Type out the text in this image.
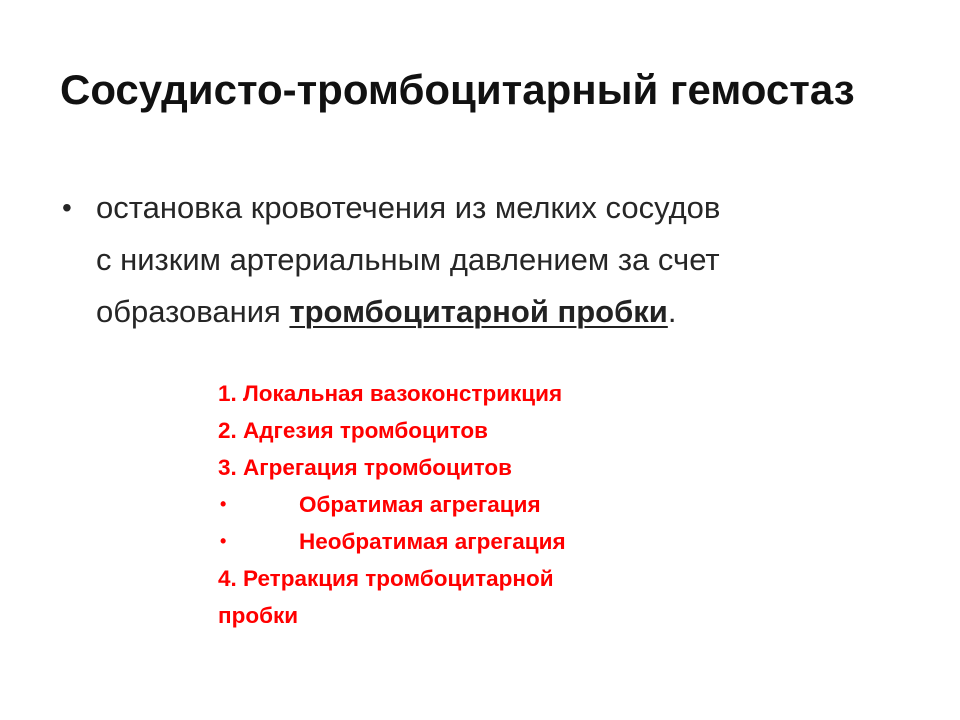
Сосудисто-тромбоцитарный гемостаз
• остановка кровотечения из мелких сосудов
с низким артериальным давлением за счет
образования тромбоцитарной пробки.
1. Локальная вазоконстрикция
2. Адгезия тромбоцитов
3. Агрегация тромбоцитов
•	Обратимая агрегация
•	Необратимая агрегация
4. Ретракция тромбоцитарной
пробки
